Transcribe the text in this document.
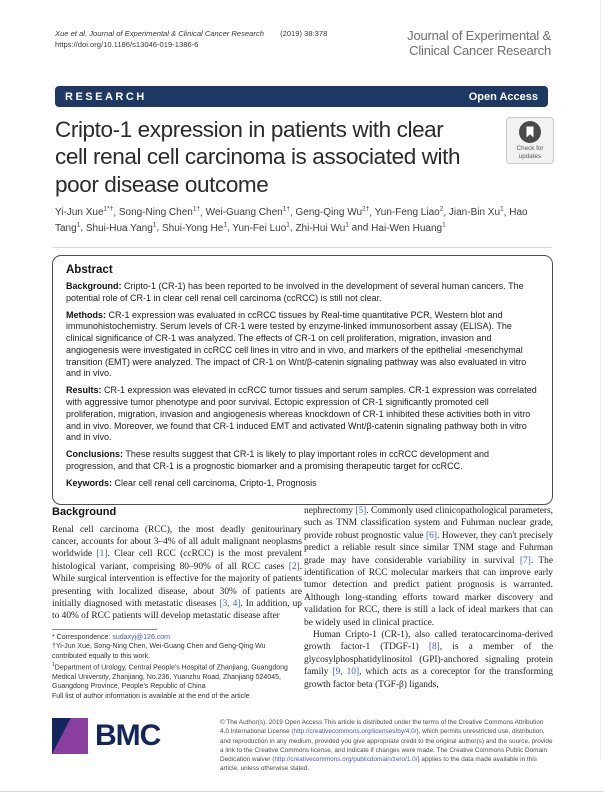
Xue et al. Journal of Experimental & Clinical Cancer Research (2019) 38:378
https://doi.org/10.1186/s13046-019-1386-6
Journal of Experimental &
Clinical Cancer Research
RESEARCH	Open Access
Cripto-1 expression in patients with clear
cell renal cell carcinoma is associated with
poor disease outcome
Check for
updates
Yi-Jun Xue$^{1*\dagger}$, Song-Ning Chen$^{1\dagger}$, Wei-Guang Chen$^{1\dagger}$, Geng-Qing $Wu^{2\dagger}$, Yun-Feng Liao$^2$, Jian-Bin Xu$^1$, Hao Tang$^1$, Shui-Hua Yang$^1$, Shui-Yong He$^1$, Yun-Fei Luo$^1$, Zhi-Hui Wu$^1$ and Hai-Wen Huang$^1$
Abstract

Background: Cripto-1 (CR-1) has been reported to be involved in the development of several human cancers. The potential role of CR-1 in clear cell renal cell carcinoma (ccRCC) is still not clear.

Methods: CR-1 expression was evaluated in ccRCC tissues by Real-time quantitative PCR, Western blot and immunohistochemistry. Serum levels of CR-1 were tested by enzyme-linked immunosorbent assay (ELISA). The clinical significance of CR-1 was analyzed. The effects of CR-1 on cell proliferation, migration, invasion and angiogenesis were investigated in ccRCC cell lines in vitro and in vivo, and markers of the epithelial -mesenchymal transition (EMT) were analyzed. The impact of CR-1 on Wnt/β-catenin signaling pathway was also evaluated in vitro and in vivo.

Results: CR-1 expression was elevated in ccRCC tumor tissues and serum samples. CR-1 expression was correlated with aggressive tumor phenotype and poor survival. Ectopic expression of CR-1 significantly promoted cell proliferation, migration, invasion and angiogenesis whereas knockdown of CR-1 inhibited these activities both in vitro and in vivo. Moreover, we found that CR-1 induced EMT and activated Wnt/β-catenin signaling pathway both in vitro and in vivo.

Conclusions: These results suggest that CR-1 is likely to play important roles in ccRCC development and progression, and that CR-1 is a prognostic biomarker and a promising therapeutic target for ccRCC.

Keywords: Clear cell renal cell carcinoma, Cripto-1, Prognosis

Background

Renal cell carcinoma (RCC), the most deadly genitourinary cancer, accounts for about 3–4% of all adult malignant neoplasms worldwide [1]. Clear cell RCC (ccRCC) is the most prevalent histological variant, comprising 80–90% of all RCC cases [2]. While surgical intervention is effective for the majority of patients presenting with localized disease, about 30% of patients are initially diagnosed with metastatic diseases [3, 4]. In addition, up to 40% of RCC patients will develop metastatic disease after

* Correspondence: sudaxyj@126.com
†Yi-Jun Xue, Song-Ning Chen, Wei-Guang Chen and Geng-Qing Wu contributed equally to this work.
$^1$Department of Urology, Central People's Hospital of Zhanjiang, Guangdong Medical University, Zhanjiang, No.236, Yuanzhu Road, Zhanjiang 524045, Guangdong Province, People's Republic of China
Full list of author information is available at the end of the article

nephrectomy [5]. Commonly used clinicopathological parameters, such as TNM classification system and Fuhrman nuclear grade, provide robust prognostic value [6]. However, they can't precisely predict a reliable result since similar TNM stage and Fuhrman grade may have considerable variability in survival [7]. The identification of RCC molecular markers that can improve early tumor detection and predict patient prognosis is warranted. Although long-standing efforts toward marker discovery and validation for RCC, there is still a lack of ideal markers that can be widely used in clinical practice.

Human Cripto-1 (CR-1), also called teratocarcinoma-derived growth factor-1 (TDGF-1) [8], is a member of the glycosylphosphatidylinositol (GPI)-anchored signaling protein family [9, 10], which acts as a coreceptor for the transforming growth factor beta (TGF-β) ligands,

BMC	© The Author(s). 2019 Open Access This article is distributed under the terms of the Creative Commons Attribution 4.0 International License (http://creativecommons.org/licenses/by/4.0/), which permits unrestricted use, distribution, and reproduction in any medium, provided you give appropriate credit to the original author(s) and the source, provide a link to the Creative Commons license, and indicate if changes were made. The Creative Commons Public Domain Dedication waiver (http://creativecommons.org/publicdomain/zero/1.0/) applies to the data made available in this article, unless otherwise stated.
